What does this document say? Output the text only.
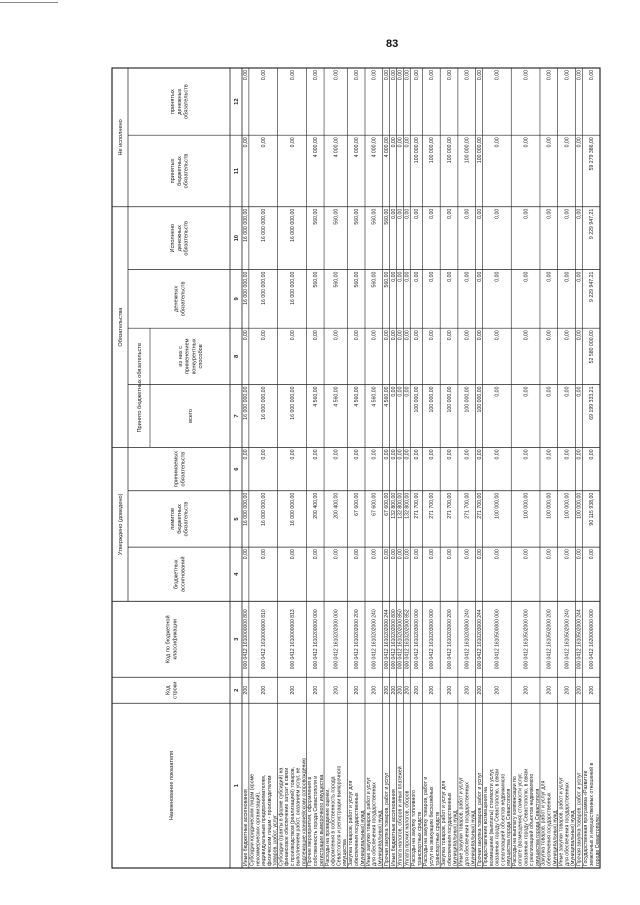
83
Наименование показателя
Код строки
Код по бюджетной классификации
Утверждено (доведено)
бюджетных ассигнований
лимитов бюджетных обязательств
принимаемых обязательств
Обязательства
Принято бюджетных обязательств	всего
из них с применением конкурентных способов
денежных обязательств
Исполнено денежных обязательств
Не исполнено
принятых бюджетных обязательств
принятых денежных обязательств
1
2
3
4
5
6
7
8
9
10
11
12
Иные бюджетные ассигнования
200
000 0412 1610000000 800
0,00
16 000 000,00
0,00
16 000 000,00
0,00
16 000 000,00
16 000 000,00
0,00
0,00
Субсидии юридическим лицам (кроме некоммерческих организаций), индивидуальным предпринимателям, физическим лицам - производителям товаров, работ, услуг
200
000 0412 1610000000 810
0,00
16 000 000,00
0,00
16 000 000,00
0,00
16 000 000,00
16 000 000,00
0,00
0,00
Субсидии (гранты в форме субсидий) на финансовое обеспечение затрат в связи с производством (реализацией) товаров, выполнением работ, оказанием услуг, не подлежащие казначейскому сопровождению
200
000 0412 1610000000 813
0,00
16 000 000,00
0,00
16 000 000,00
0,00
16 000 000,00
16 000 000,00
0,00
0,00
Прочие мероприятия, оформления в собственность города Севастополя и регистрации выморочного имущества
200
000 0412 1610200000 000
0,00
200 400,00
0,00
4 560,00
0,00
560,00
560,00
4 000,00
0,00
Расходы на проведение оценки, оформления в собственность города Севастополя и регистрации выморочного имущества
200
000 0412 1610202000 000
0,00
200 400,00
0,00
4 560,00
0,00
560,00
560,00
4 000,00
0,00
Закупка товаров, работ и услуг для обеспечения государственных (муниципальных) нужд
200
000 0412 1610202000 200
0,00
67 600,00
0,00
4 560,00
0,00
560,00
560,00
4 000,00
0,00
Иные закупки товаров, работ и услуг для обеспечения государственных (муниципальных) нужд
200
000 0412 1610202000 240
0,00
67 600,00
0,00
4 560,00
0,00
560,00
560,00
4 000,00
0,00
Прочая закупка товаров, работ и услуг
200
000 0412 1610202000 244
0,00
67 600,00
0,00
4 560,00
0,00
560,00
560,00
4 000,00
0,00
Иные бюджетные ассигнования
200
000 0412 1610202000 800
0,00
132 800,00
0,00
0,00
0,00
0,00
0,00
0,00
0,00
Уплата налогов, сборов и иных платежей
200
000 0412 1610202000 850
0,00
132 800,00
0,00
0,00
0,00
0,00
0,00
0,00
0,00
Уплата прочих налогов, сборов
200
000 0412 1610202000 852
0,00
132 800,00
0,00
0,00
0,00
0,00
0,00
0,00
0,00
Расходы на закупку топливного транспортных средств
200
000 0412 1610203000 000
0,00
271 700,00
0,00
100 000,00
0,00
0,00
0,00
100 000,00
0,00
Расходы на закупку товаров, работ и услуг на эвакуацию бесхозяйных транспортных средств
200
000 0412 1610203000 000
0,00
271 700,00
0,00
100 000,00
0,00
0,00
0,00
100 000,00
0,00
Закупка товаров, работ и услуг для обеспечения государственных (муниципальных) нужд
200
000 0412 1610203000 200
0,00
271 700,00
0,00
100 000,00
0,00
0,00
0,00
100 000,00
0,00
Иные закупки товаров, работ и услуг для обеспечения государственных (муниципальных) нужд
200
000 0412 1610203000 240
0,00
271 700,00
0,00
100 000,00
0,00
0,00
0,00
100 000,00
0,00
Прочая закупка товаров, работ и услуг
200
000 0412 1610203000 244
0,00
271 700,00
0,00
100 000,00
0,00
0,00
0,00
100 000,00
0,00
Предоставление возмещения на возмещение (выплаты) стоимости услуг, оказанных городу Севастополю, в связи с реализацией объектов недвижимого имущества города Севастополя
200
000 0412 1610500000 000
0,00
100 000,00
0,00
0,00
0,00
0,00
0,00
0,00
0,00
Расходы на выплату компенсации по оплате (возмещения) стоимости услуг, оказанных городу Севастополю, в связи с реализацией объектов недвижимого имущества города Севастополя
200
000 0412 1610502000 000
0,00
100 000,00
0,00
0,00
0,00
0,00
0,00
0,00
0,00
Закупка товаров, работ и услуг для обеспечения государственных (муниципальных) нужд
200
000 0412 1610502000 200
0,00
100 000,00
0,00
0,00
0,00
0,00
0,00
0,00
0,00
Иные закупки товаров, работ и услуг для обеспечения государственных (муниципальных) нужд
200
000 0412 1610502000 240
0,00
100 000,00
0,00
0,00
0,00
0,00
0,00
0,00
0,00
Прочая закупка товаров, работ и услуг
200
000 0412 1610502000 244
0,00
100 000,00
0,00
0,00
0,00
0,00
0,00
0,00
0,00
Государственная программа «Развитие земельных и имущественных отношений в городе Севастополе»
200
000 0412 1620000000 000
0,00
90 115 938,00
0,00
69 199 333,21
52 580 000,00
9 229 947,21
9 229 947,21
59 279 386,00
0,00
